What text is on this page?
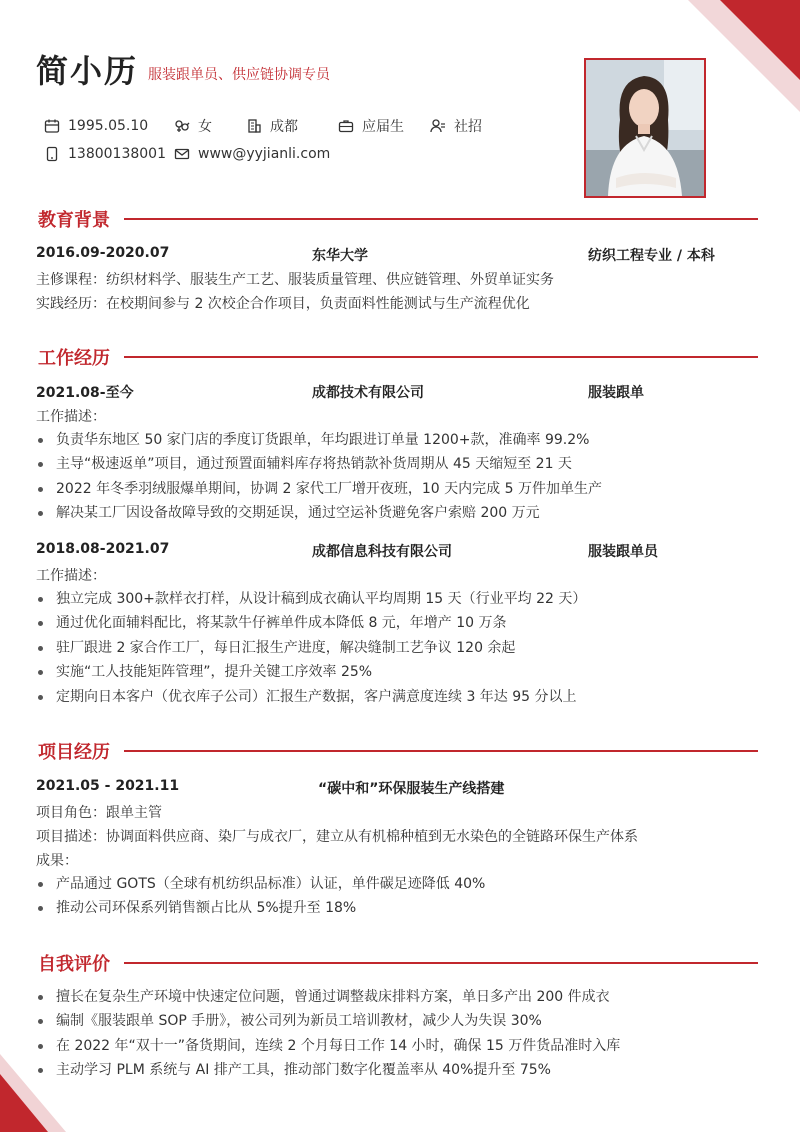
简小历 服装跟单员、供应链协调专员
1995.05.10	女	成都	应届生	社招
13800138001 www@yyjianli.com
教育背景
2016.09-2020.07	东华大学	纺织工程专业 / 本科
主修课程：纺织材料学、服装生产工艺、服装质量管理、供应链管理、外贸单证实务
实践经历：在校期间参与 2 次校企合作项目，负责面料性能测试与生产流程优化
工作经历
2021.08-至今	成都技术有限公司	服装跟单
工作描述：
负责华东地区 50 家门店的季度订货跟单，年均跟进订单量 1200+款，准确率 99.2%
主导“极速返单”项目，通过预置面辅料库存将热销款补货周期从 45 天缩短至 21 天
2022 年冬季羽绒服爆单期间，协调 2 家代工厂增开夜班，10 天内完成 5 万件加单生产
解决某工厂因设备故障导致的交期延误，通过空运补货避免客户索赔 200 万元
2018.08-2021.07	成都信息科技有限公司	服装跟单员
工作描述：
独立完成 300+款样衣打样，从设计稿到成衣确认平均周期 15 天（行业平均 22 天）
通过优化面辅料配比，将某款牛仔裤单件成本降低 8 元，年增产 10 万条
驻厂跟进 2 家合作工厂，每日汇报生产进度，解决缝制工艺争议 120 余起
实施“工人技能矩阵管理”，提升关键工序效率 25%
定期向日本客户（优衣库子公司）汇报生产数据，客户满意度连续 3 年达 95 分以上
项目经历
2021.05 - 2021.11	“碳中和”环保服装生产线搭建
项目角色：跟单主管
项目描述：协调面料供应商、染厂与成衣厂，建立从有机棉种植到无水染色的全链路环保生产体系
成果：
产品通过 GOTS（全球有机纺织品标准）认证，单件碳足迹降低 40%
推动公司环保系列销售额占比从 5%提升至 18%
自我评价
擅长在复杂生产环境中快速定位问题，曾通过调整裁床排料方案，单日多产出 200 件成衣
编制《服装跟单 SOP 手册》，被公司列为新员工培训教材，减少人为失误 30%
在 2022 年“双十一”备货期间，连续 2 个月每日工作 14 小时，确保 15 万件货品准时入库
主动学习 PLM 系统与 AI 排产工具，推动部门数字化覆盖率从 40%提升至 75%
